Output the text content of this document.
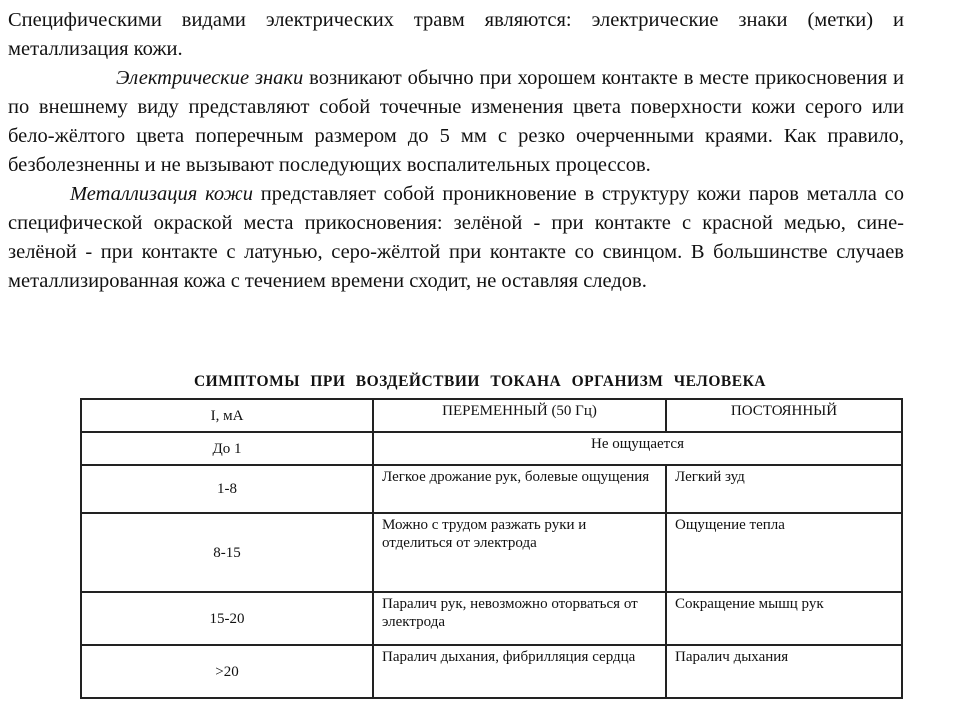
Специфическими видами электрических травм являются: электрические знаки (метки) и металлизация кожи.

Электрические знаки возникают обычно при хорошем контакте в месте прикосновения и по внешнему виду представляют собой точечные изменения цвета поверхности кожи серого или бело-жёлтого цвета поперечным размером до 5 мм с резко очерченными краями. Как правило, безболезненны и не вызывают последующих воспалительных процессов.

Металлизация кожи представляет собой проникновение в структуру кожи паров металла со специфической окраской места прикосновения: зелёной - при контакте с красной медью, сине-зелёной - при контакте с латунью, серо-жёлтой при контакте со свинцом. В большинстве случаев металлизированная кожа с течением времени сходит, не оставляя следов.

СИМПТОМЫ ПРИ ВОЗДЕЙСТВИИ ТОКАНА ОРГАНИЗМ ЧЕЛОВЕКА
I, мА	ПЕРЕМЕННЫЙ (50 Гц)	ПОСТОЯННЫЙ
До 1	Не ощущается	
1-8	Легкое дрожание рук, болевые ощущения	Легкий зуд
8-15	Можно с трудом разжать руки и отделиться от электрода	Ощущение тепла
15-20	Паралич рук, невозможно оторваться от электрода	Сокращение мышц рук
>20	Паралич дыхания, фибрилляция сердца	Паралич дыхания
